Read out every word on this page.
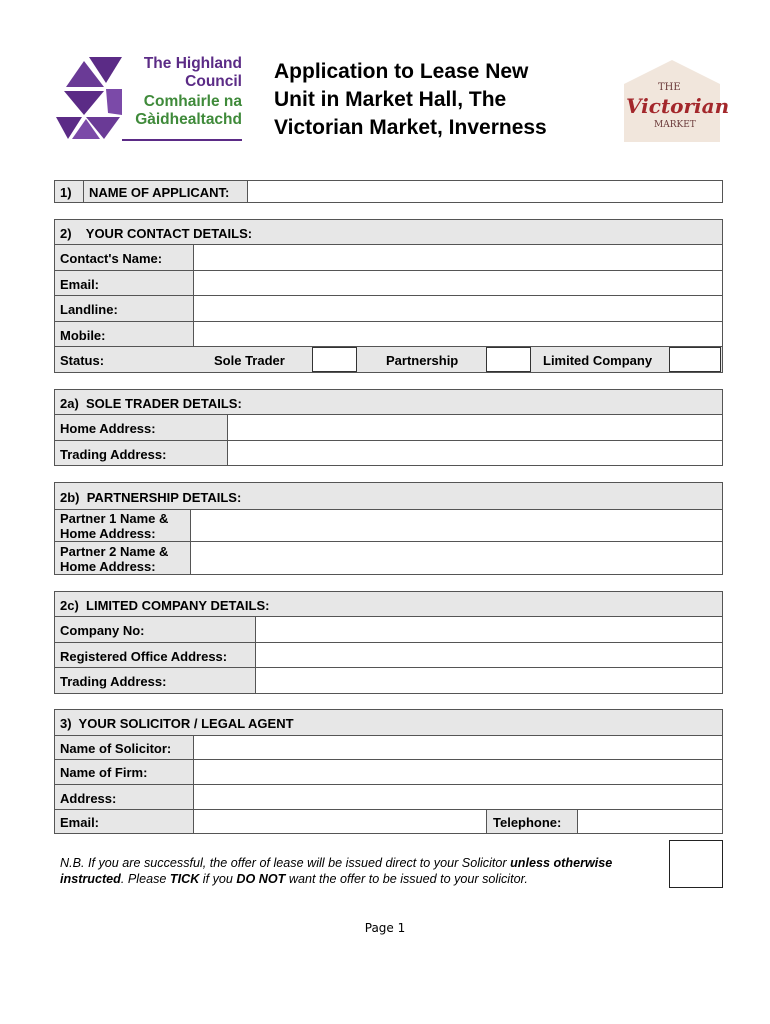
The Highland
Council
Comhairle na
Gàidhealtachd
Application to Lease New
Unit in Market Hall, The
Victorian Market, Inverness
THE
Victorian
MARKET
1) NAME OF APPLICANT:
2)    YOUR CONTACT DETAILS:
Contact's Name:
Email:
Landline:
Mobile:
Status:	Sole Trader	Partnership	Limited Company
2a)  SOLE TRADER DETAILS:
Home Address:
Trading Address:
2b)  PARTNERSHIP DETAILS:
Partner 1 Name &
Home Address:
Partner 2 Name &
Home Address:
2c)  LIMITED COMPANY DETAILS:
Company No:
Registered Office Address:
Trading Address:
3)  YOUR SOLICITOR / LEGAL AGENT
Name of Solicitor:
Name of Firm:
Address:
Email:	Telephone:
N.B. If you are successful, the offer of lease will be issued direct to your Solicitor unless otherwise instructed. Please TICK if you DO NOT want the offer to be issued to your solicitor.
Page 1
